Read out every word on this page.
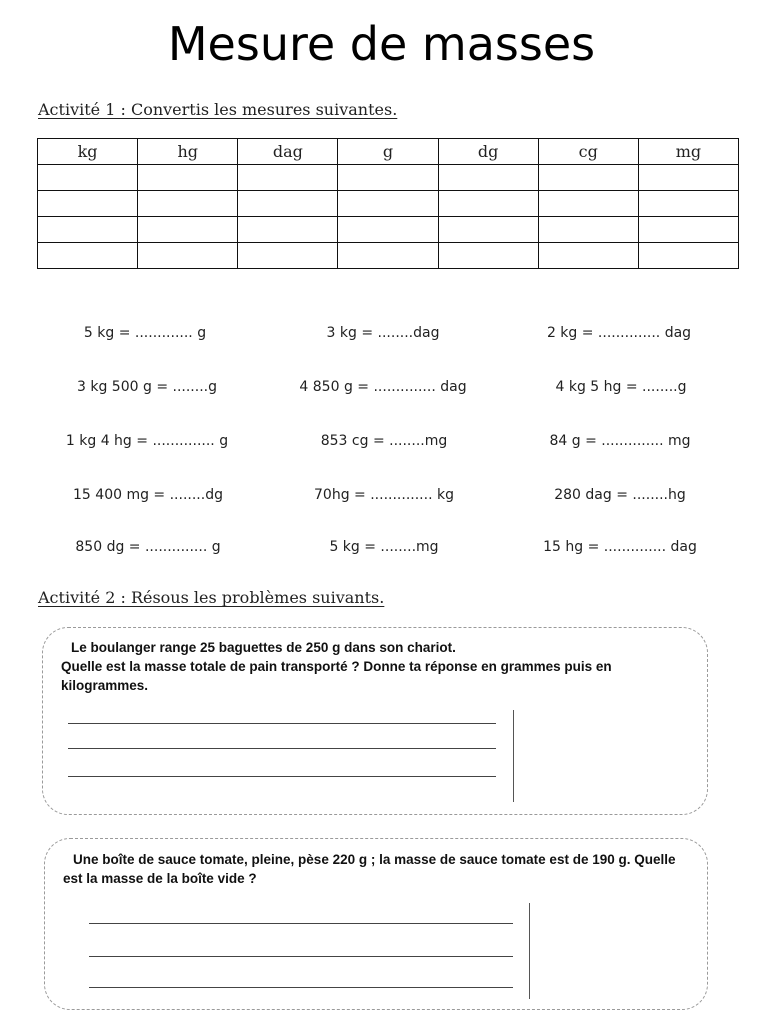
Mesure de masses
Activité 1 : Convertis les mesures suivantes.
kg	hg	dag	g	dg	cg	mg

5 kg = ............. g	3 kg = ........dag	2 kg = .............. dag
3 kg 500 g = ........g	4 850 g = .............. dag	4 kg 5 hg = ........g
1 kg 4 hg = .............. g	853 cg = ........mg	84 g = .............. mg
15 400 mg = ........dg	70hg = .............. kg	280 dag = ........hg
850 dg = .............. g	5 kg = ........mg	15 hg = .............. dag
Activité 2 : Résous les problèmes suivants.
Le boulanger range 25 baguettes de 250 g dans son chariot.
Quelle est la masse totale de pain transporté ? Donne ta réponse en grammes puis en kilogrammes.
Une boîte de sauce tomate, pleine, pèse 220 g ; la masse de sauce tomate est de 190 g. Quelle est la masse de la boîte vide ?
